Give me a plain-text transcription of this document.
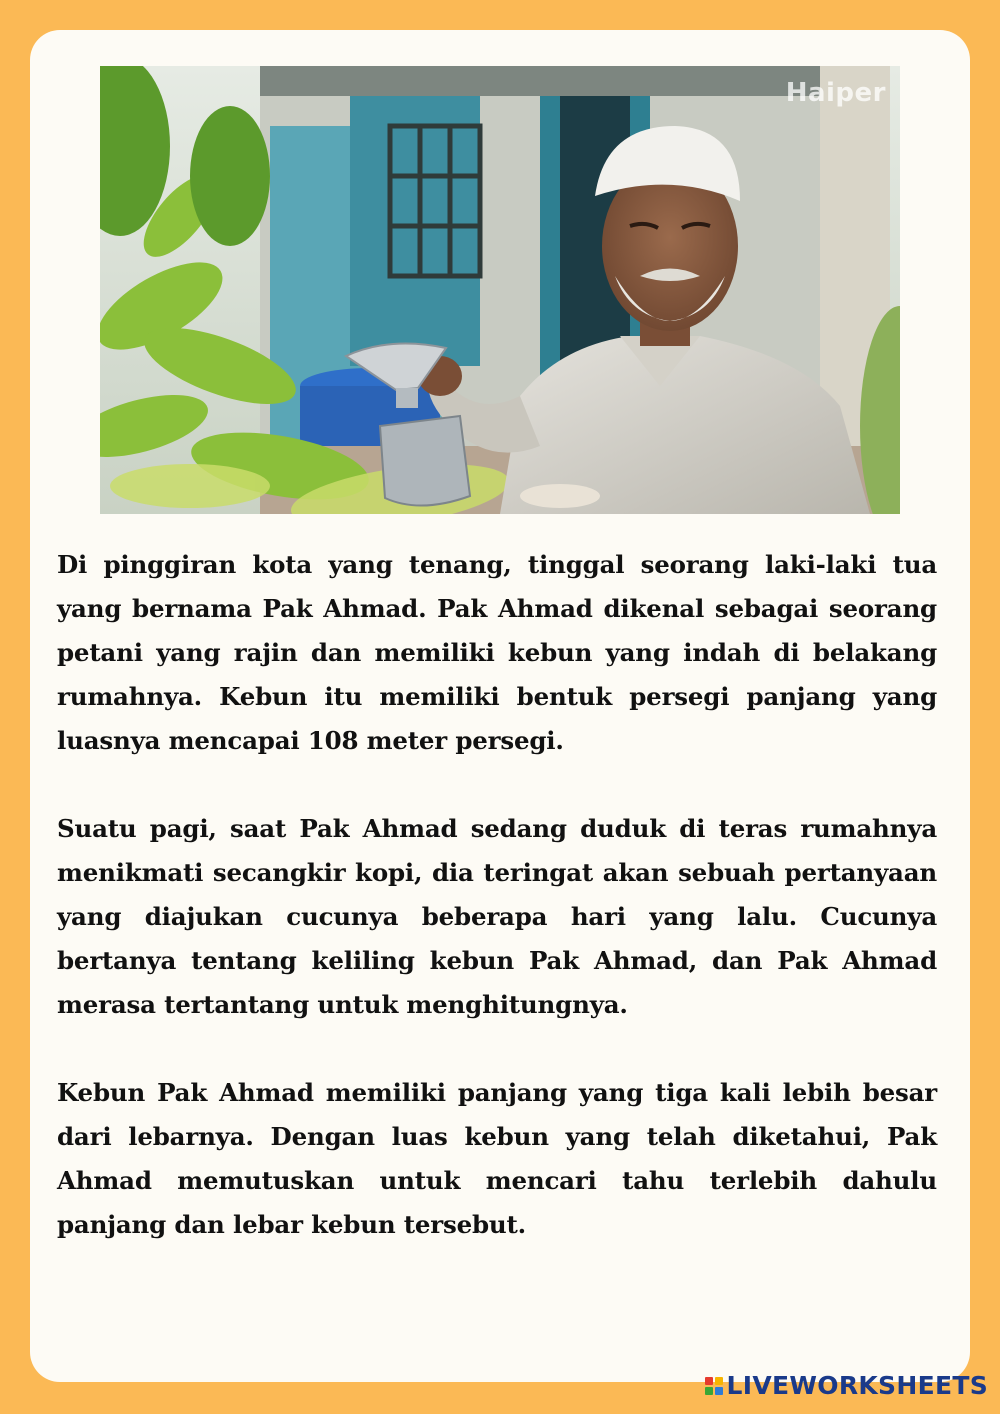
Haiper

Di pinggiran kota yang tenang, tinggal seorang laki-laki tua yang bernama Pak Ahmad. Pak Ahmad dikenal sebagai seorang petani yang rajin dan memiliki kebun yang indah di belakang rumahnya. Kebun itu memiliki bentuk persegi panjang yang luasnya mencapai 108 meter persegi.

Suatu pagi, saat Pak Ahmad sedang duduk di teras rumahnya menikmati secangkir kopi, dia teringat akan sebuah pertanyaan yang diajukan cucunya beberapa hari yang lalu. Cucunya bertanya tentang keliling kebun Pak Ahmad, dan Pak Ahmad merasa tertantang untuk menghitungnya.

Kebun Pak Ahmad memiliki panjang yang tiga kali lebih besar dari lebarnya. Dengan luas kebun yang telah diketahui, Pak Ahmad memutuskan untuk mencari tahu terlebih dahulu panjang dan lebar kebun tersebut.

LIVEWORKSHEETS
